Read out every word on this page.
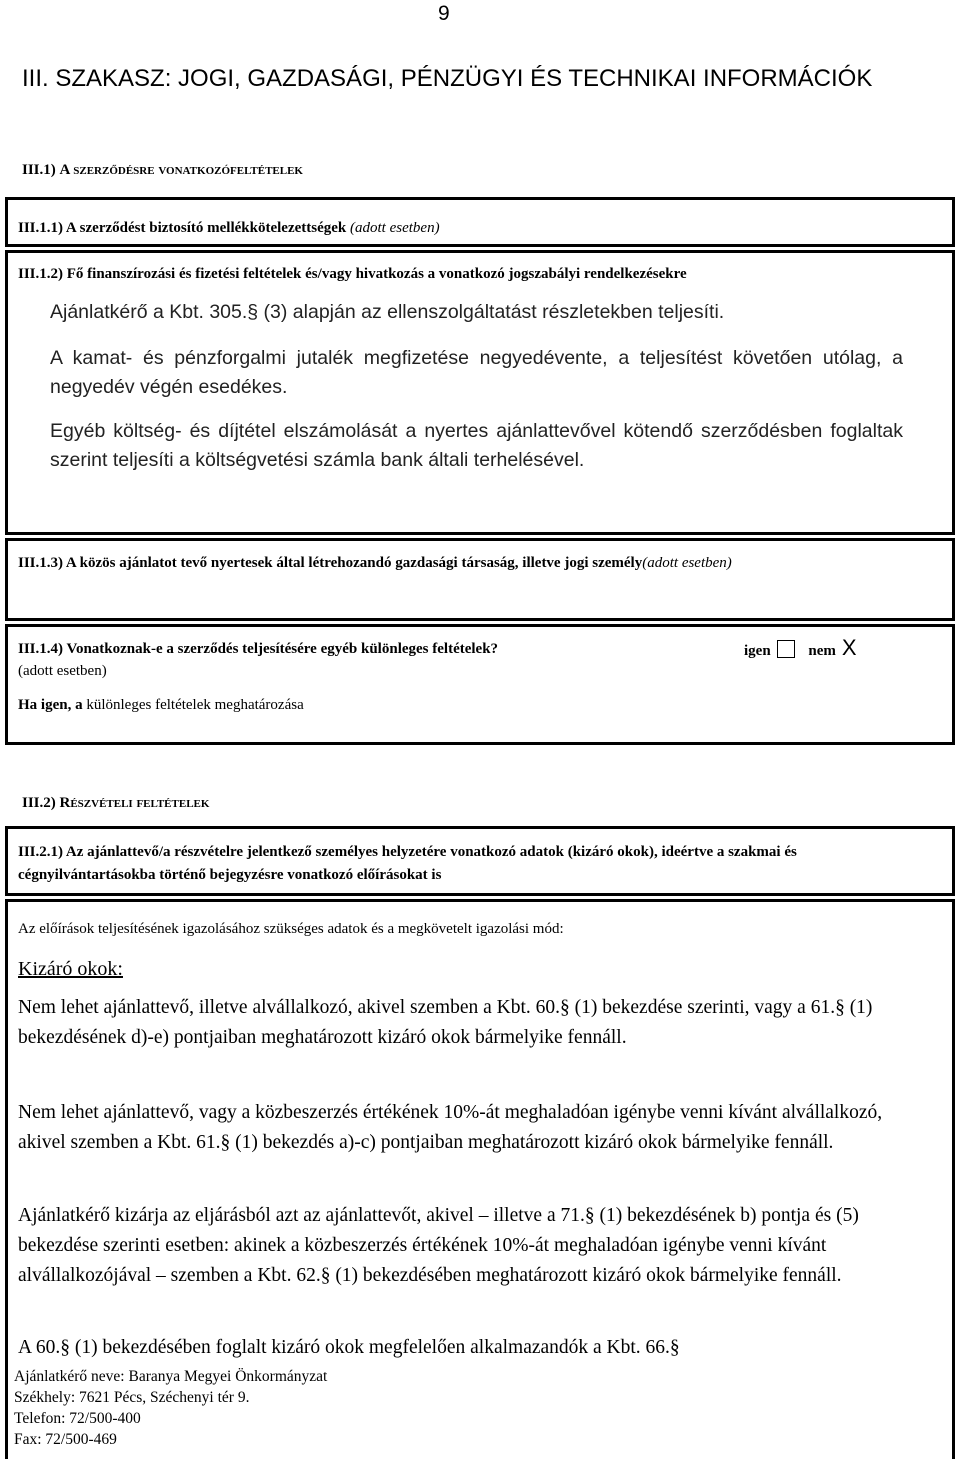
9
III. SZAKASZ: JOGI, GAZDASÁGI, PÉNZÜGYI ÉS TECHNIKAI INFORMÁCIÓK
III.1) A szerződésre vonatkozófeltételek
III.1.1) A szerződést biztosító mellékkötelezettségek (adott esetben)
III.1.2) Fő finanszírozási és fizetési feltételek és/vagy hivatkozás a vonatkozó jogszabályi rendelkezésekre
Ajánlatkérő a Kbt. 305.§ (3) alapján az ellenszolgáltatást részletekben teljesíti.
A kamat- és pénzforgalmi jutalék megfizetése negyedévente, a teljesítést követően utólag, a negyedév végén esedékes.
Egyéb költség- és díjtétel elszámolását a nyertes ajánlattevővel kötendő szerződésben foglaltak szerint teljesíti a költségvetési számla bank általi terhelésével.
III.1.3) A közös ajánlatot tevő nyertesek által létrehozandó gazdasági társaság, illetve jogi személy(adott esetben)
III.1.4) Vonatkoznak-e a szerződés teljesítésére egyéb különleges feltételek?	igen	nem X
(adott esetben)
Ha igen, a különleges feltételek meghatározása
III.2) Részvételi feltételek
III.2.1) Az ajánlattevő/a részvételre jelentkező személyes helyzetére vonatkozó adatok (kizáró okok), ideértve a szakmai és cégnyilvántartásokba történő bejegyzésre vonatkozó előírásokat is
Az előírások teljesítésének igazolásához szükséges adatok és a megkövetelt igazolási mód:
Kizáró okok:
Nem lehet ajánlattevő, illetve alvállalkozó, akivel szemben a Kbt. 60.§ (1) bekezdése szerinti, vagy a 61.§ (1) bekezdésének d)-e) pontjaiban meghatározott kizáró okok bármelyike fennáll.
Nem lehet ajánlattevő, vagy a közbeszerzés értékének 10%-át meghaladóan igénybe venni kívánt alvállalkozó, akivel szemben a Kbt. 61.§ (1) bekezdés a)-c) pontjaiban meghatározott kizáró okok bármelyike fennáll.
Ajánlatkérő kizárja az eljárásból azt az ajánlattevőt, akivel – illetve a 71.§ (1) bekezdésének b) pontja és (5) bekezdése szerinti esetben: akinek a közbeszerzés értékének 10%-át meghaladóan igénybe venni kívánt alvállalkozójával – szemben a Kbt. 62.§ (1) bekezdésében meghatározott kizáró okok bármelyike fennáll.
A 60.§ (1) bekezdésében foglalt kizáró okok megfelelően alkalmazandók a Kbt. 66.§
Ajánlatkérő neve: Baranya Megyei Önkormányzat
Székhely: 7621 Pécs, Széchenyi tér 9.
Telefon: 72/500-400
Fax: 72/500-469
